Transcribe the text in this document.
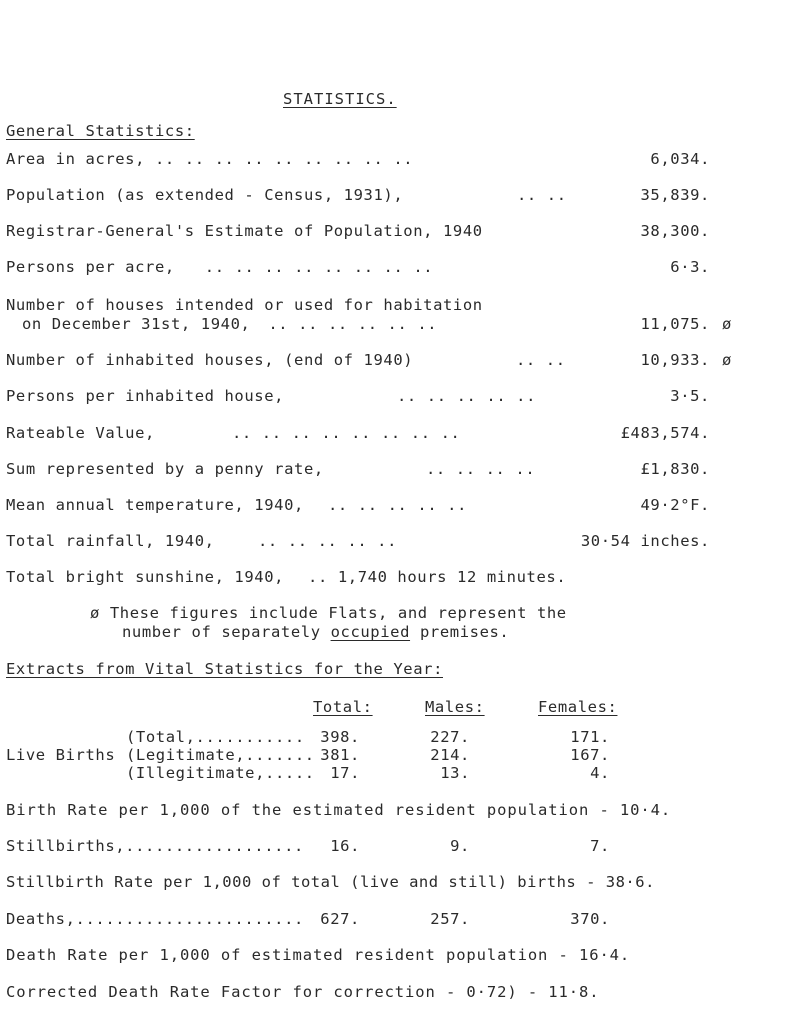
STATISTICS.
General Statistics:
Area in acres, .. .. .. .. .. .. .. .. ..	6,034.
Population (as extended - Census, 1931),	.. ..	35,839.
Registrar-General's Estimate of Population, 1940	38,300.
Persons per acre, .. .. .. .. .. .. .. ..	6·3.
Number of houses intended or used for habitation
on December 31st, 1940, .. .. .. .. .. ..	11,075. ø
Number of inhabited houses, (end of 1940)	.. ..	10,933. ø
Persons per inhabited house,	.. .. .. .. ..	3·5.
Rateable Value,	.. .. .. .. .. .. .. ..	£483,574.
Sum represented by a penny rate,	.. .. .. ..	£1,830.
Mean annual temperature, 1940, .. .. .. .. ..	49·2°F.
Total rainfall, 1940,	.. .. .. .. ..	30·54 inches.
Total bright sunshine, 1940, .. 1,740 hours 12 minutes.
ø These figures include Flats, and represent the
number of separately occupied premises.
Extracts from Vital Statistics for the Year:
Total:	Males:	Females:
Live Births
(Total,........... 398.	227.	171.
(Legitimate,....... 381.	214.	167.
(Illegitimate,..... 17.	13.	4.
Birth Rate per 1,000 of the estimated resident population - 10·4.
Stillbirths,..................	16.	9.	7.
Stillbirth Rate per 1,000 of total (live and still) births - 38·6.
Deaths,.......................	627.	257.	370.
Death Rate per 1,000 of estimated resident population - 16·4.
Corrected Death Rate Factor for correction - 0·72) - 11·8.
